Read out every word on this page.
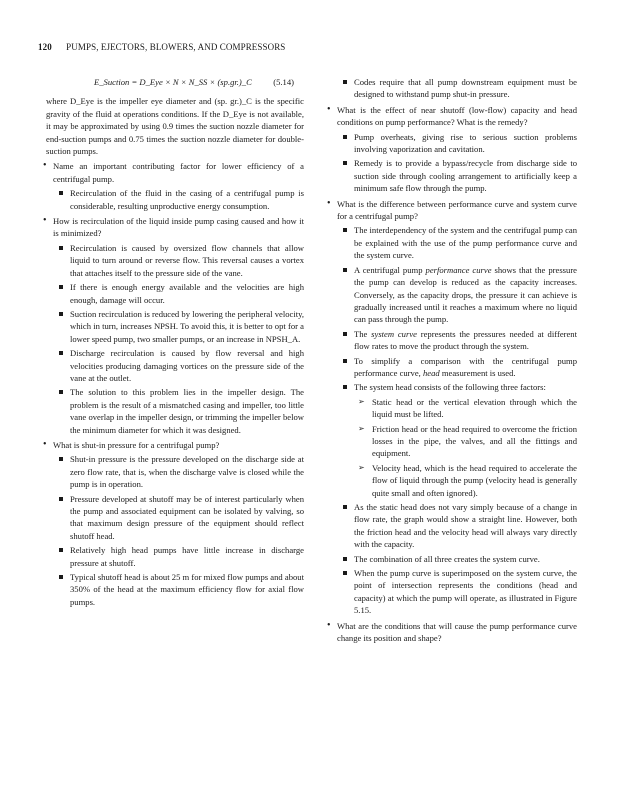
120 PUMPS, EJECTORS, BLOWERS, AND COMPRESSORS
E_Suction = D_Eye × N × N_SS × (sp.gr.)_C (5.14)
where D_Eye is the impeller eye diameter and (sp. gr.)_C is the specific gravity of the fluid at operations conditions. If the D_Eye is not available, it may be approximated by using 0.9 times the suction nozzle diameter for end-suction pumps and 0.75 times the suction nozzle diameter for double-suction pumps.
• Name an important contributing factor for lower efficiency of a centrifugal pump.
Recirculation of the fluid in the casing of a centrifugal pump is considerable, resulting unproductive energy consumption.
• How is recirculation of the liquid inside pump casing caused and how it is minimized?
Recirculation is caused by oversized flow channels that allow liquid to turn around or reverse flow. This reversal causes a vortex that attaches itself to the pressure side of the vane.
If there is enough energy available and the velocities are high enough, damage will occur.
Suction recirculation is reduced by lowering the peripheral velocity, which in turn, increases NPSH. To avoid this, it is better to opt for a lower speed pump, two smaller pumps, or an increase in NPSH_A.
Discharge recirculation is caused by flow reversal and high velocities producing damaging vortices on the pressure side of the vane at the outlet.
The solution to this problem lies in the impeller design. The problem is the result of a mismatched casing and impeller, too little vane overlap in the impeller design, or trimming the impeller below the minimum diameter for which it was designed.
• What is shut-in pressure for a centrifugal pump?
Shut-in pressure is the pressure developed on the discharge side at zero flow rate, that is, when the discharge valve is closed while the pump is in operation.
Pressure developed at shutoff may be of interest particularly when the pump and associated equipment can be isolated by valving, so that maximum design pressure of the equipment should reflect shutoff head.
Relatively high head pumps have little increase in discharge pressure at shutoff.
Typical shutoff head is about 25 m for mixed flow pumps and about 350% of the head at the maximum efficiency flow for axial flow pumps.
Codes require that all pump downstream equipment must be designed to withstand pump shut-in pressure.
• What is the effect of near shutoff (low-flow) capacity and head conditions on pump performance? What is the remedy?
Pump overheats, giving rise to serious suction problems involving vaporization and cavitation.
Remedy is to provide a bypass/recycle from discharge side to suction side through cooling arrangement to artificially keep a minimum safe flow through the pump.
• What is the difference between performance curve and system curve for a centrifugal pump?
The interdependency of the system and the centrifugal pump can be explained with the use of the pump performance curve and the system curve.
A centrifugal pump performance curve shows that the pressure the pump can develop is reduced as the capacity increases. Conversely, as the capacity drops, the pressure it can achieve is gradually increased until it reaches a maximum where no liquid can pass through the pump.
The system curve represents the pressures needed at different flow rates to move the product through the system.
To simplify a comparison with the centrifugal pump performance curve, head measurement is used.
The system head consists of the following three factors:
➢ Static head or the vertical elevation through which the liquid must be lifted.
➢ Friction head or the head required to overcome the friction losses in the pipe, the valves, and all the fittings and equipment.
➢ Velocity head, which is the head required to accelerate the flow of liquid through the pump (velocity head is generally quite small and often ignored).
As the static head does not vary simply because of a change in flow rate, the graph would show a straight line. However, both the friction head and the velocity head will always vary directly with the capacity.
The combination of all three creates the system curve.
When the pump curve is superimposed on the system curve, the point of intersection represents the conditions (head and capacity) at which the pump will operate, as illustrated in Figure 5.15.
• What are the conditions that will cause the pump performance curve change its position and shape?
